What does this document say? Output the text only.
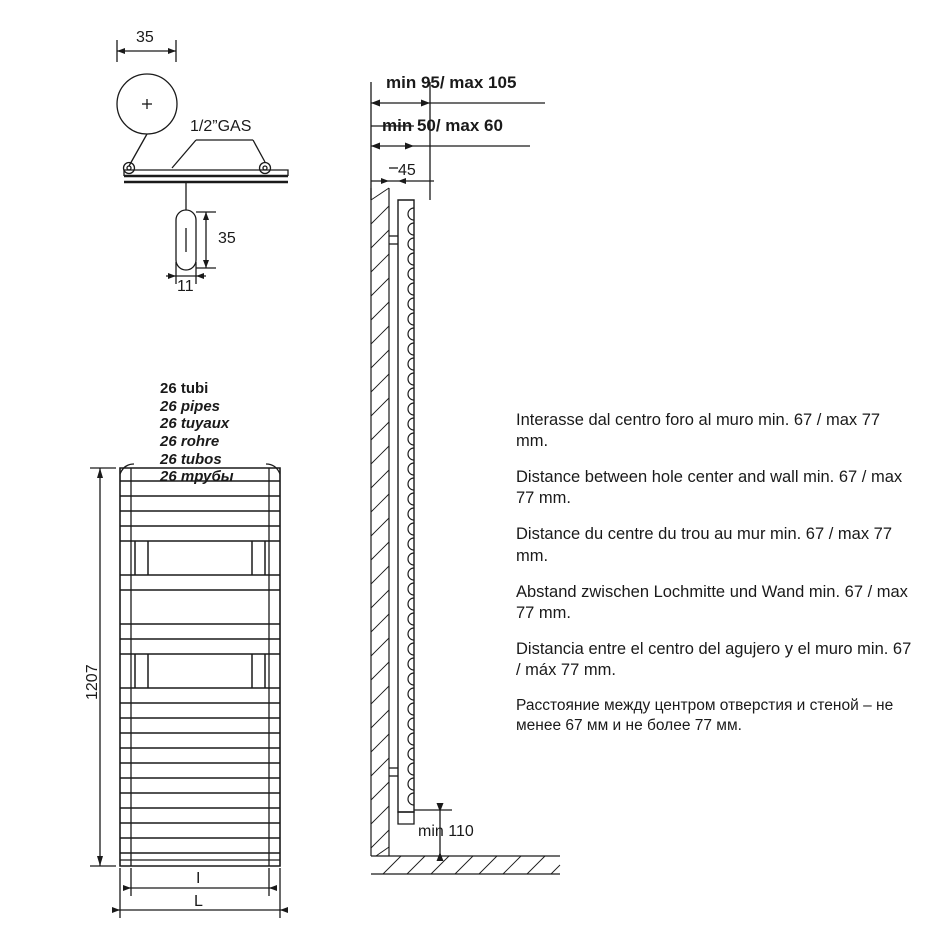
35
1/2”GAS
35
11
min 95/ max 105
min 50/ max 60
45
min 110
1207
I
L
26 tubi
26 pipes
26 tuyaux
26 rohre
26 tubos
26 трубы
Interasse dal centro foro al muro min. 67 / max 77 mm.
Distance between hole center and wall min. 67 / max 77 mm.
Distance du centre du trou au mur min. 67 / max 77 mm.
Abstand zwischen Lochmitte und Wand min. 67 / max 77 mm.
Distancia entre el centro del agujero y el muro min. 67 / máx 77 mm.
Расстояние между центром отверстия и стеной – не менее 67 мм и не более 77 мм.
